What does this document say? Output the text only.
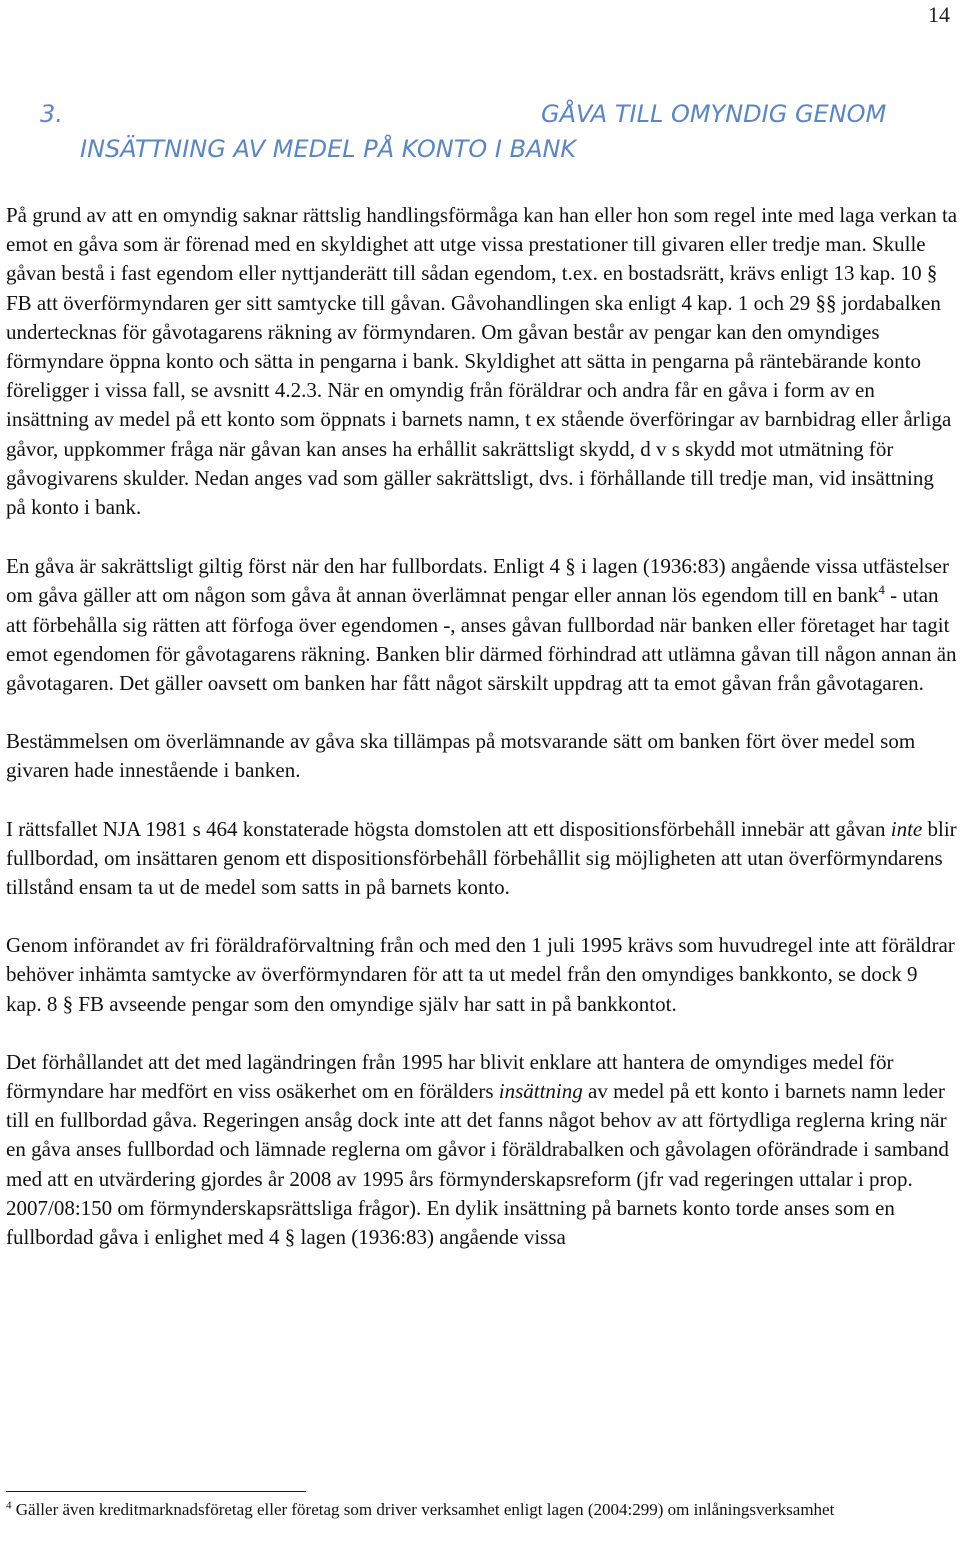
14
3.	GÅVA TILL OMYNDIG GENOM
INSÄTTNING AV MEDEL PÅ KONTO I BANK

På grund av att en omyndig saknar rättslig handlingsförmåga kan han eller hon som regel inte med laga verkan ta emot en gåva som är förenad med en skyldighet att utge vissa prestationer till givaren eller tredje man. Skulle gåvan bestå i fast egendom eller nyttjanderätt till sådan egendom, t.ex. en bostadsrätt, krävs enligt 13 kap. 10 § FB att överförmyndaren ger sitt samtycke till gåvan. Gåvohandlingen ska enligt 4 kap. 1 och 29 §§ jordabalken undertecknas för gåvotagarens räkning av förmyndaren. Om gåvan består av pengar kan den omyndiges förmyndare öppna konto och sätta in pengarna i bank. Skyldighet att sätta in pengarna på räntebärande konto föreligger i vissa fall, se avsnitt 4.2.3. När en omyndig från föräldrar och andra får en gåva i form av en insättning av medel på ett konto som öppnats i barnets namn, t ex stående överföringar av barnbidrag eller årliga gåvor, uppkommer fråga när gåvan kan anses ha erhållit sakrättsligt skydd, d v s skydd mot utmätning för gåvogivarens skulder. Nedan anges vad som gäller sakrättsligt, dvs. i förhållande till tredje man, vid insättning på konto i bank.

En gåva är sakrättsligt giltig först när den har fullbordats. Enligt 4 § i lagen (1936:83) angående vissa utfästelser om gåva gäller att om någon som gåva åt annan överlämnat pengar eller annan lös egendom till en bank$^4$ - utan att förbehålla sig rätten att förfoga över egendomen -, anses gåvan fullbordad när banken eller företaget har tagit emot egendomen för gåvotagarens räkning. Banken blir därmed förhindrad att utlämna gåvan till någon annan än gåvotagaren. Det gäller oavsett om banken har fått något särskilt uppdrag att ta emot gåvan från gåvotagaren.

Bestämmelsen om överlämnande av gåva ska tillämpas på motsvarande sätt om banken fört över medel som givaren hade innestående i banken.

I rättsfallet NJA 1981 s 464 konstaterade högsta domstolen att ett dispositionsförbehåll innebär att gåvan inte blir fullbordad, om insättaren genom ett dispositionsförbehåll förbehållit sig möjligheten att utan överförmyndarens tillstånd ensam ta ut de medel som satts in på barnets konto.

Genom införandet av fri föräldraförvaltning från och med den 1 juli 1995 krävs som huvudregel inte att föräldrar behöver inhämta samtycke av överförmyndaren för att ta ut medel från den omyndiges bankkonto, se dock 9 kap. 8 § FB avseende pengar som den omyndige själv har satt in på bankkontot.

Det förhållandet att det med lagändringen från 1995 har blivit enklare att hantera de omyndiges medel för förmyndare har medfört en viss osäkerhet om en förälders insättning av medel på ett konto i barnets namn leder till en fullbordad gåva. Regeringen ansåg dock inte att det fanns något behov av att förtydliga reglerna kring när en gåva anses fullbordad och lämnade reglerna om gåvor i föräldrabalken och gåvolagen oförändrade i samband med att en utvärdering gjordes år 2008 av 1995 års förmynderskapsreform (jfr vad regeringen uttalar i prop. 2007/08:150 om förmynderskapsrättsliga frågor). En dylik insättning på barnets konto torde anses som en fullbordad gåva i enlighet med 4 § lagen (1936:83) angående vissa

$^4$ Gäller även kreditmarknadsföretag eller företag som driver verksamhet enligt lagen (2004:299) om inlåningsverksamhet
